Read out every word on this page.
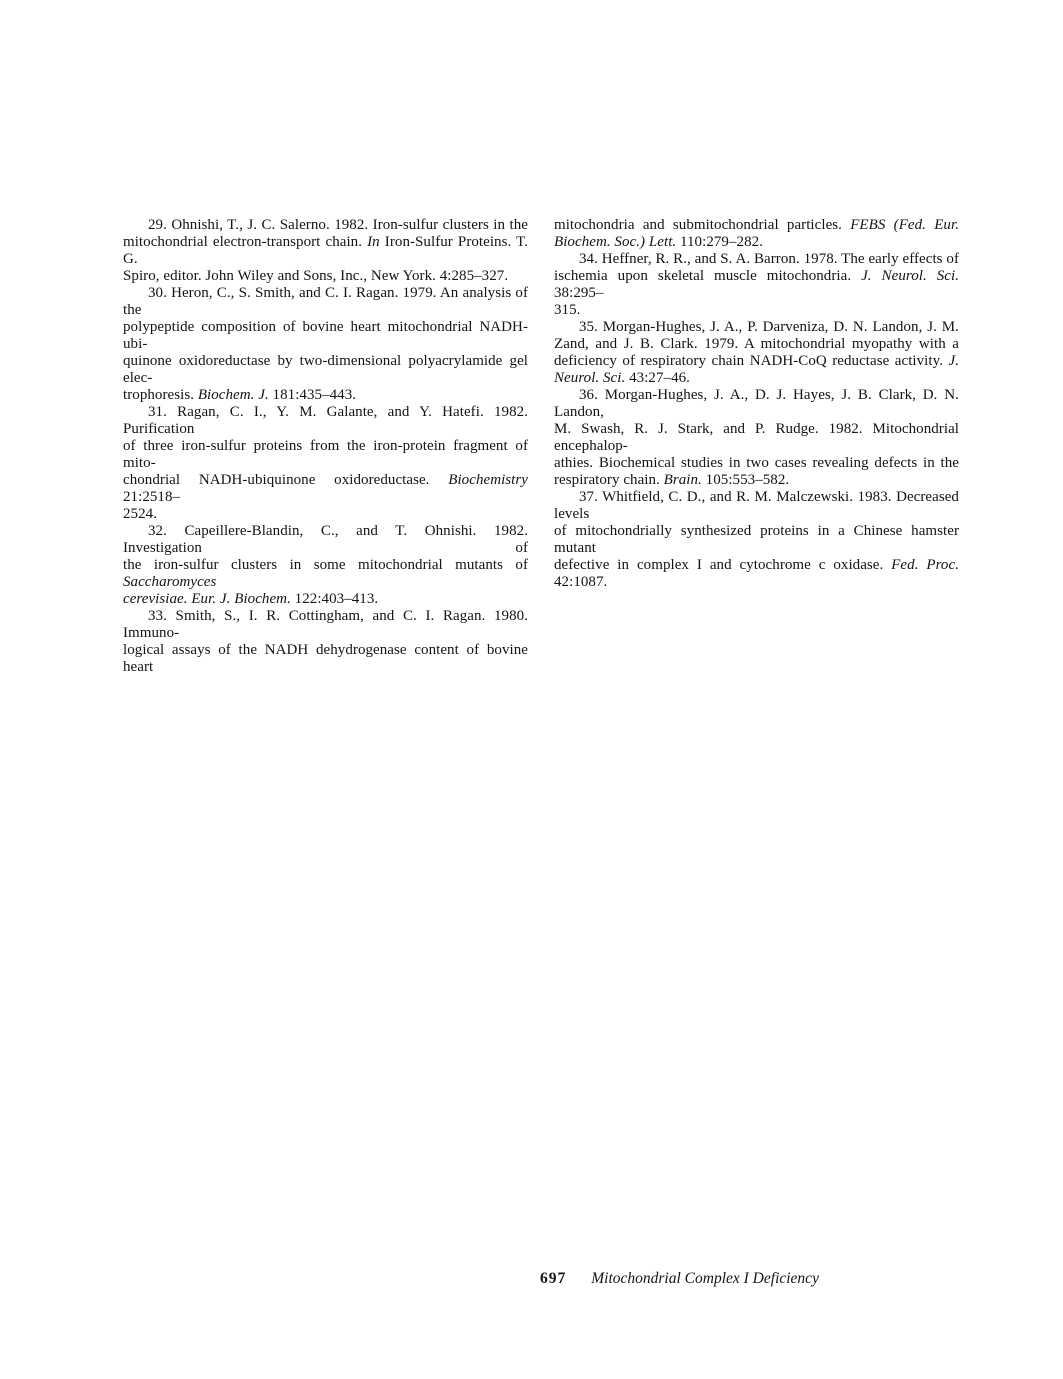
29. Ohnishi, T., J. C. Salerno. 1982. Iron-sulfur clusters in the
mitochondrial electron-transport chain. In Iron-Sulfur Proteins. T. G.
Spiro, editor. John Wiley and Sons, Inc., New York. 4:285–327.
30. Heron, C., S. Smith, and C. I. Ragan. 1979. An analysis of the
polypeptide composition of bovine heart mitochondrial NADH-ubi-
quinone oxidoreductase by two-dimensional polyacrylamide gel elec-
trophoresis. Biochem. J. 181:435–443.
31. Ragan, C. I., Y. M. Galante, and Y. Hatefi. 1982. Purification
of three iron-sulfur proteins from the iron-protein fragment of mito-
chondrial NADH-ubiquinone oxidoreductase. Biochemistry 21:2518–
2524.
32. Capeillere-Blandin, C., and T. Ohnishi. 1982. Investigation of
the iron-sulfur clusters in some mitochondrial mutants of Saccharomyces
cerevisiae. Eur. J. Biochem. 122:403–413.
33. Smith, S., I. R. Cottingham, and C. I. Ragan. 1980. Immuno-
logical assays of the NADH dehydrogenase content of bovine heart
mitochondria and submitochondrial particles. FEBS (Fed. Eur.
Biochem. Soc.) Lett. 110:279–282.
34. Heffner, R. R., and S. A. Barron. 1978. The early effects of
ischemia upon skeletal muscle mitochondria. J. Neurol. Sci. 38:295–
315.
35. Morgan-Hughes, J. A., P. Darveniza, D. N. Landon, J. M.
Zand, and J. B. Clark. 1979. A mitochondrial myopathy with a
deficiency of respiratory chain NADH-CoQ reductase activity. J.
Neurol. Sci. 43:27–46.
36. Morgan-Hughes, J. A., D. J. Hayes, J. B. Clark, D. N. Landon,
M. Swash, R. J. Stark, and P. Rudge. 1982. Mitochondrial encephalop-
athies. Biochemical studies in two cases revealing defects in the
respiratory chain. Brain. 105:553–582.
37. Whitfield, C. D., and R. M. Malczewski. 1983. Decreased levels
of mitochondrially synthesized proteins in a Chinese hamster mutant
defective in complex I and cytochrome c oxidase. Fed. Proc. 42:1087.
697 Mitochondrial Complex I Deficiency
